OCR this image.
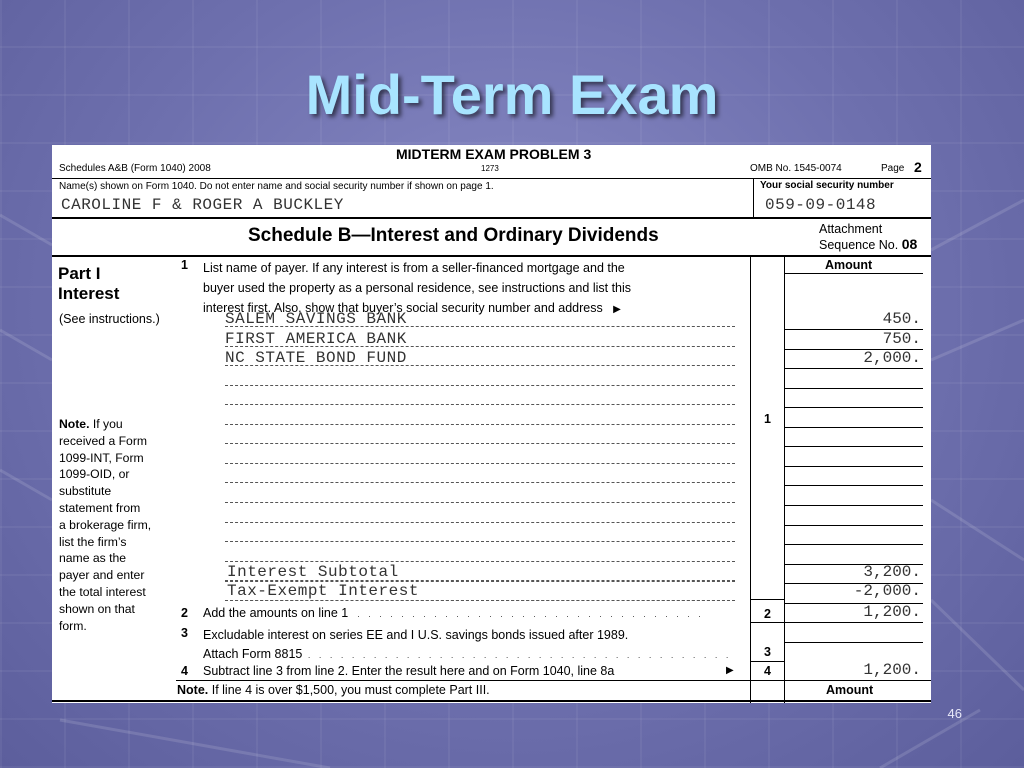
Mid-Term Exam
MIDTERM EXAM PROBLEM 3
1273
Schedules A&B (Form 1040) 2008	OMB No. 1545-0074	Page 2
Name(s) shown on Form 1040. Do not enter name and social security number if shown on page 1.
CAROLINE F & ROGER A BUCKLEY
Your social security number
059-09-0148
Schedule B—Interest and Ordinary Dividends	Attachment
Sequence No. 08
Part I
Interest
(See instructions.)
Note. If you
received a Form
1099-INT, Form
1099-OID, or
substitute
statement from
a brokerage firm,
list the firm’s
name as the
payer and enter
the total interest
shown on that
form.
1 List name of payer. If any interest is from a seller-financed mortgage and the
buyer used the property as a personal residence, see instructions and list this
interest first. Also, show that buyer’s social security number and address ▶
Amount
1
SALEM SAVINGS BANK	450.
FIRST AMERICA BANK	750.
NC STATE BOND FUND	2,000.
Interest Subtotal	3,200.
Tax-Exempt Interest	-2,000.
2 Add the amounts on line 1  . . . . . . . . . . . . . . . . . . . . . . . . . . . . . . . .	2	1,200.
3 Excludable interest on series EE and I U.S. savings bonds issued after 1989.
Attach Form 8815 . . . . . . . . . . . . . . . . . . . . . . . . . . . . . . . . . . . . . . .	3
4 Subtract line 3 from line 2. Enter the result here and on Form 1040, line 8a	▶ 4	1,200.
Note. If line 4 is over $1,500, you must complete Part III.	Amount
46
